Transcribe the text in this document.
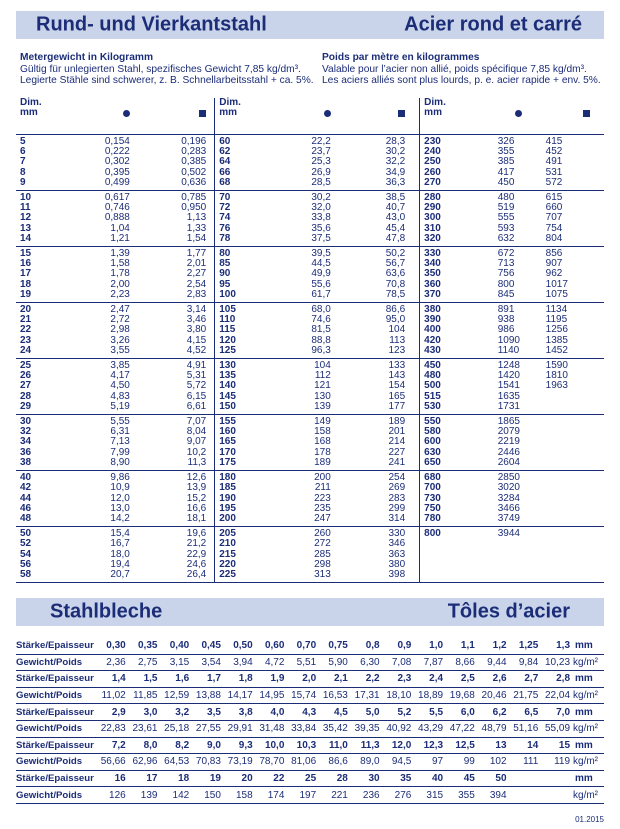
Rund- und Vierkantstahl	Acier rond et carré
Metergewicht in Kilogramm
Gültig für unlegierten Stahl, spezifisches Gewicht 7,85 kg/dm³.
Legierte Stähle sind schwerer, z. B. Schnellarbeitsstahl + ca. 5%.
Poids par mètre en kilogrammes
Valable pour l’acier non allié, poids spécifique 7,85 kg/dm³.
Les aciers alliés sont plus lourds, p. e. acier rapide + env. 5%.
Dim.
mm			Dim.
mm			Dim.
mm		
5	0,154	0,196	60	22,2	28,3	230	326	415
6	0,222	0,283	62	23,7	30,2	240	355	452
7	0,302	0,385	64	25,3	32,2	250	385	491
8	0,395	0,502	66	26,9	34,9	260	417	531
9	0,499	0,636	68	28,5	36,3	270	450	572
10	0,617	0,785	70	30,2	38,5	280	480	615
11	0,746	0,950	72	32,0	40,7	290	519	660
12	0,888	1,13	74	33,8	43,0	300	555	707
13	1,04	1,33	76	35,6	45,4	310	593	754
14	1,21	1,54	78	37,5	47,8	320	632	804
15	1,39	1,77	80	39,5	50,2	330	672	856
16	1,58	2,01	85	44,5	56,7	340	713	907
17	1,78	2,27	90	49,9	63,6	350	756	962
18	2,00	2,54	95	55,6	70,8	360	800	1017
19	2,23	2,83	100	61,7	78,5	370	845	1075
20	2,47	3,14	105	68,0	86,6	380	891	1134
21	2,72	3,46	110	74,6	95,0	390	938	1195
22	2,98	3,80	115	81,5	104	400	986	1256
23	3,26	4,15	120	88,8	113	420	1090	1385
24	3,55	4,52	125	96,3	123	430	1140	1452
25	3,85	4,91	130	104	133	450	1248	1590
26	4,17	5,31	135	112	143	480	1420	1810
27	4,50	5,72	140	121	154	500	1541	1963
28	4,83	6,15	145	130	165	515	1635	
29	5,19	6,61	150	139	177	530	1731	
30	5,55	7,07	155	149	189	550	1865	
32	6,31	8,04	160	158	201	580	2079	
34	7,13	9,07	165	168	214	600	2219	
36	7,99	10,2	170	178	227	630	2446	
38	8,90	11,3	175	189	241	650	2604	
40	9,86	12,6	180	200	254	680	2850	
42	10,9	13,9	185	211	269	700	3020	
44	12,0	15,2	190	223	283	730	3284	
46	13,0	16,6	195	235	299	750	3466	
48	14,2	18,1	200	247	314	780	3749	
50	15,4	19,6	205	260	330	800	3944	
52	16,7	21,2	210	272	346			
54	18,0	22,9	215	285	363			
56	19,4	24,6	220	298	380			
58	20,7	26,4	225	313	398			
Stahlbleche	Tôles d’acier
Stärke/Epaisseur	0,30	0,35	0,40	0,45	0,50	0,60	0,70	0,75	0,8	0,9	1,0	1,1	1,2	1,25	1,3	mm
Gewicht/Poids	2,36	2,75	3,15	3,54	3,94	4,72	5,51	5,90	6,30	7,08	7,87	8,66	9,44	9,84	10,23	kg/m²
Stärke/Epaisseur	1,4	1,5	1,6	1,7	1,8	1,9	2,0	2,1	2,2	2,3	2,4	2,5	2,6	2,7	2,8	mm
Gewicht/Poids	11,02	11,85	12,59	13,88	14,17	14,95	15,74	16,53	17,31	18,10	18,89	19,68	20,46	21,75	22,04	kg/m²
Stärke/Epaisseur	2,9	3,0	3,2	3,5	3,8	4,0	4,3	4,5	5,0	5,2	5,5	6,0	6,2	6,5	7,0	mm
Gewicht/Poids	22,83	23,61	25,18	27,55	29,91	31,48	33,84	35,42	39,35	40,92	43,29	47,22	48,79	51,16	55,09	kg/m²
Stärke/Epaisseur	7,2	8,0	8,2	9,0	9,3	10,0	10,3	11,0	11,3	12,0	12,3	12,5	13	14	15	mm
Gewicht/Poids	56,66	62,96	64,53	70,83	73,19	78,70	81,06	86,6	89,0	94,5	97	99	102	111	119	kg/m²
Stärke/Epaisseur	16	17	18	19	20	22	25	28	30	35	40	45	50			mm
Gewicht/Poids	126	139	142	150	158	174	197	221	236	276	315	355	394			kg/m²
01.2015
